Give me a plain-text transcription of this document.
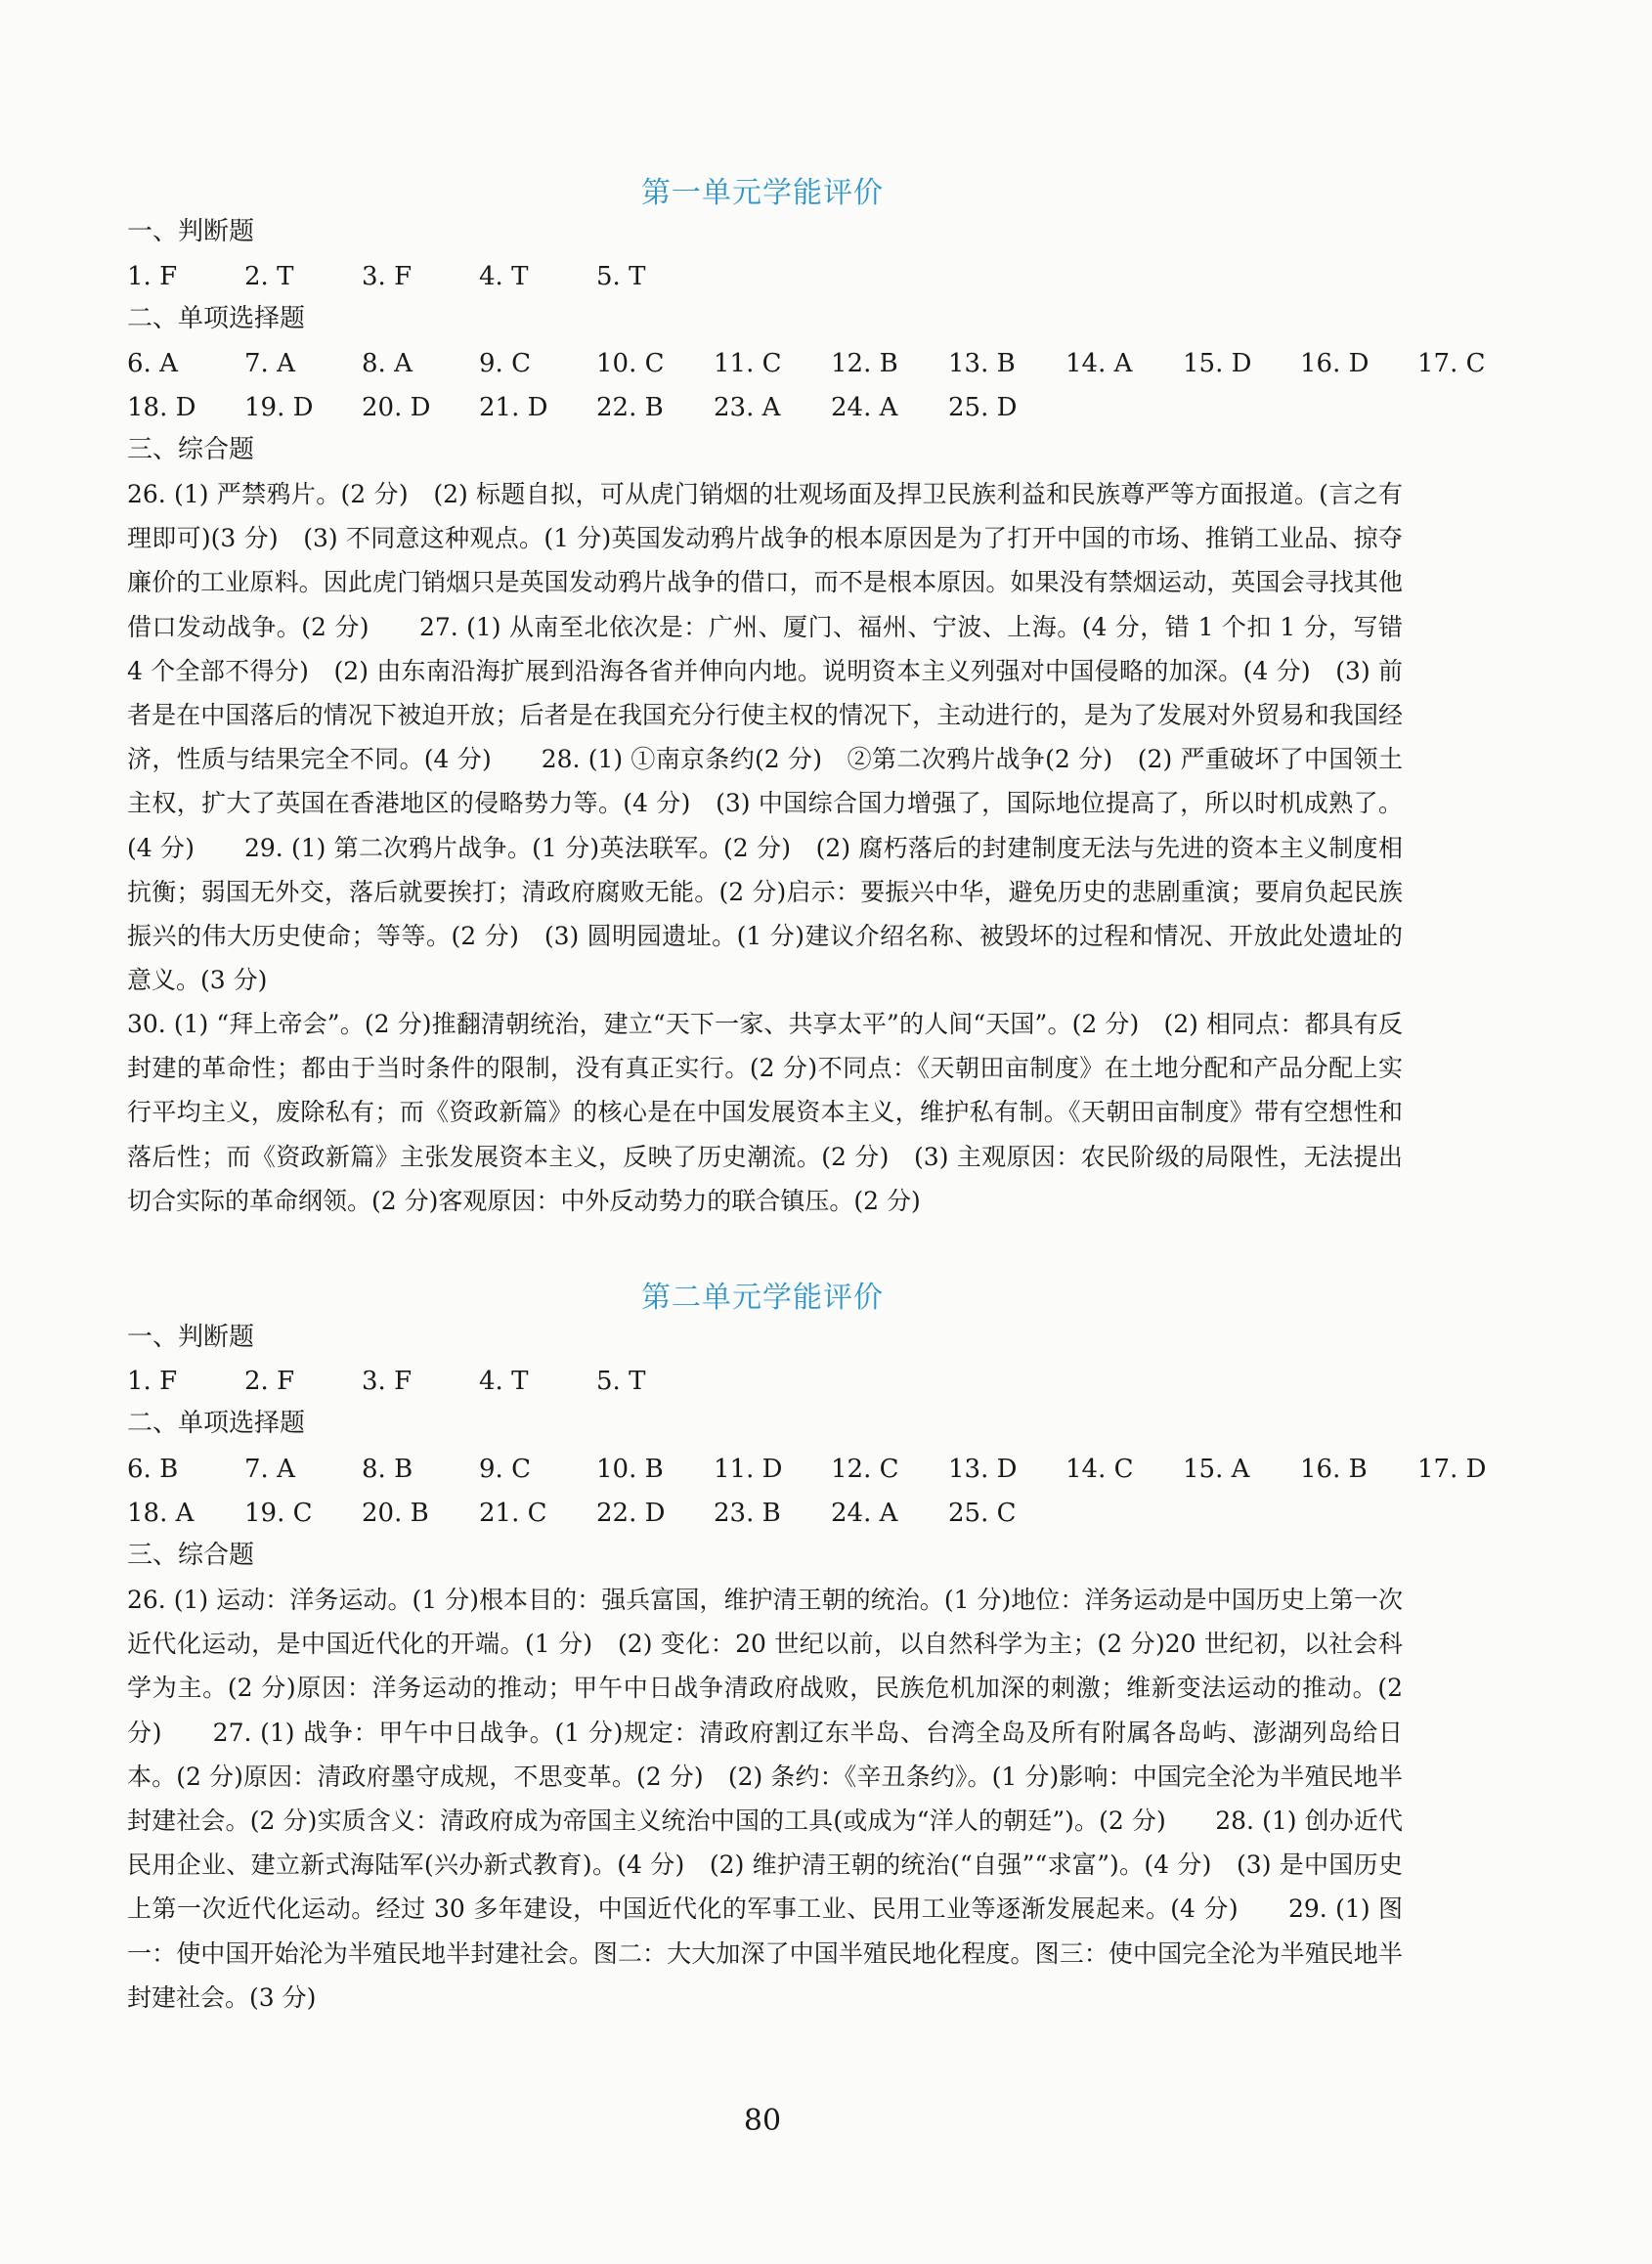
第一单元学能评价
一、判断题
1. F	2. T	3. F	4. T	5. T
二、单项选择题
6. A	7. A	8. A	9. C	10. C 11. C 12. B 13. B 14. A 15. D 16. D 17. C
18. D 19. D 20. D 21. D 22. B 23. A 24. A 25. D
三、综合题
26. (1) 严禁鸦片。(2 分)　(2) 标题自拟，可从虎门销烟的壮观场面及捍卫民族利益和民族尊严等方面报道。(言之有理即可)(3 分)　(3) 不同意这种观点。(1 分)英国发动鸦片战争的根本原因是为了打开中国的市场、推销工业品、掠夺廉价的工业原料。因此虎门销烟只是英国发动鸦片战争的借口，而不是根本原因。如果没有禁烟运动，英国会寻找其他借口发动战争。(2 分)　　27. (1) 从南至北依次是：广州、厦门、福州、宁波、上海。(4 分，错 1 个扣 1 分，写错 4 个全部不得分)　(2) 由东南沿海扩展到沿海各省并伸向内地。说明资本主义列强对中国侵略的加深。(4 分)　(3) 前者是在中国落后的情况下被迫开放；后者是在我国充分行使主权的情况下，主动进行的，是为了发展对外贸易和我国经济，性质与结果完全不同。(4 分)　　28. (1) ①南京条约(2 分)　②第二次鸦片战争(2 分)　(2) 严重破坏了中国领土主权，扩大了英国在香港地区的侵略势力等。(4 分)　(3) 中国综合国力增强了，国际地位提高了，所以时机成熟了。(4 分)　　29. (1) 第二次鸦片战争。(1 分)英法联军。(2 分)　(2) 腐朽落后的封建制度无法与先进的资本主义制度相抗衡；弱国无外交，落后就要挨打；清政府腐败无能。(2 分)启示：要振兴中华，避免历史的悲剧重演；要肩负起民族振兴的伟大历史使命；等等。(2 分)　(3) 圆明园遗址。(1 分)建议介绍名称、被毁坏的过程和情况、开放此处遗址的意义。(3 分)
30. (1) “拜上帝会”。(2 分)推翻清朝统治，建立“天下一家、共享太平”的人间“天国”。(2 分)　(2) 相同点：都具有反封建的革命性；都由于当时条件的限制，没有真正实行。(2 分)不同点：《天朝田亩制度》在土地分配和产品分配上实行平均主义，废除私有；而《资政新篇》的核心是在中国发展资本主义，维护私有制。《天朝田亩制度》带有空想性和落后性；而《资政新篇》主张发展资本主义，反映了历史潮流。(2 分)　(3) 主观原因：农民阶级的局限性，无法提出切合实际的革命纲领。(2 分)客观原因：中外反动势力的联合镇压。(2 分)
第二单元学能评价
一、判断题
1. F	2. F	3. F	4. T	5. T
二、单项选择题
6. B	7. A	8. B	9. C	10. B 11. D 12. C 13. D 14. C 15. A 16. B 17. D
18. A 19. C 20. B 21. C 22. D 23. B 24. A 25. C
三、综合题
26. (1) 运动：洋务运动。(1 分)根本目的：强兵富国，维护清王朝的统治。(1 分)地位：洋务运动是中国历史上第一次近代化运动，是中国近代化的开端。(1 分)　(2) 变化：20 世纪以前，以自然科学为主；(2 分)20 世纪初，以社会科学为主。(2 分)原因：洋务运动的推动；甲午中日战争清政府战败，民族危机加深的刺激；维新变法运动的推动。(2 分)　　27. (1) 战争：甲午中日战争。(1 分)规定：清政府割辽东半岛、台湾全岛及所有附属各岛屿、澎湖列岛给日本。(2 分)原因：清政府墨守成规，不思变革。(2 分)　(2) 条约：《辛丑条约》。(1 分)影响：中国完全沦为半殖民地半封建社会。(2 分)实质含义：清政府成为帝国主义统治中国的工具(或成为“洋人的朝廷”)。(2 分)　　28. (1) 创办近代民用企业、建立新式海陆军(兴办新式教育)。(4 分)　(2) 维护清王朝的统治(“自强”“求富”)。(4 分)　(3) 是中国历史上第一次近代化运动。经过 30 多年建设，中国近代化的军事工业、民用工业等逐渐发展起来。(4 分)　　29. (1) 图一：使中国开始沦为半殖民地半封建社会。图二：大大加深了中国半殖民地化程度。图三：使中国完全沦为半殖民地半封建社会。(3 分)
80
